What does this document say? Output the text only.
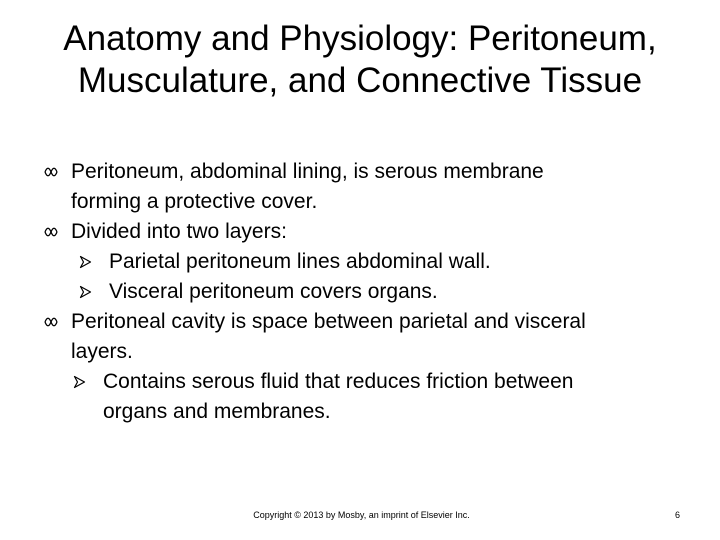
Anatomy and Physiology: Peritoneum,
Musculature, and Connective Tissue
Peritoneum, abdominal lining, is serous membrane
forming a protective cover.
Divided into two layers:
Parietal peritoneum lines abdominal wall.
Visceral peritoneum covers organs.
Peritoneal cavity is space between parietal and visceral
layers.
Contains serous fluid that reduces friction between
organs and membranes.
Copyright © 2013 by Mosby, an imprint of Elsevier Inc.	6
